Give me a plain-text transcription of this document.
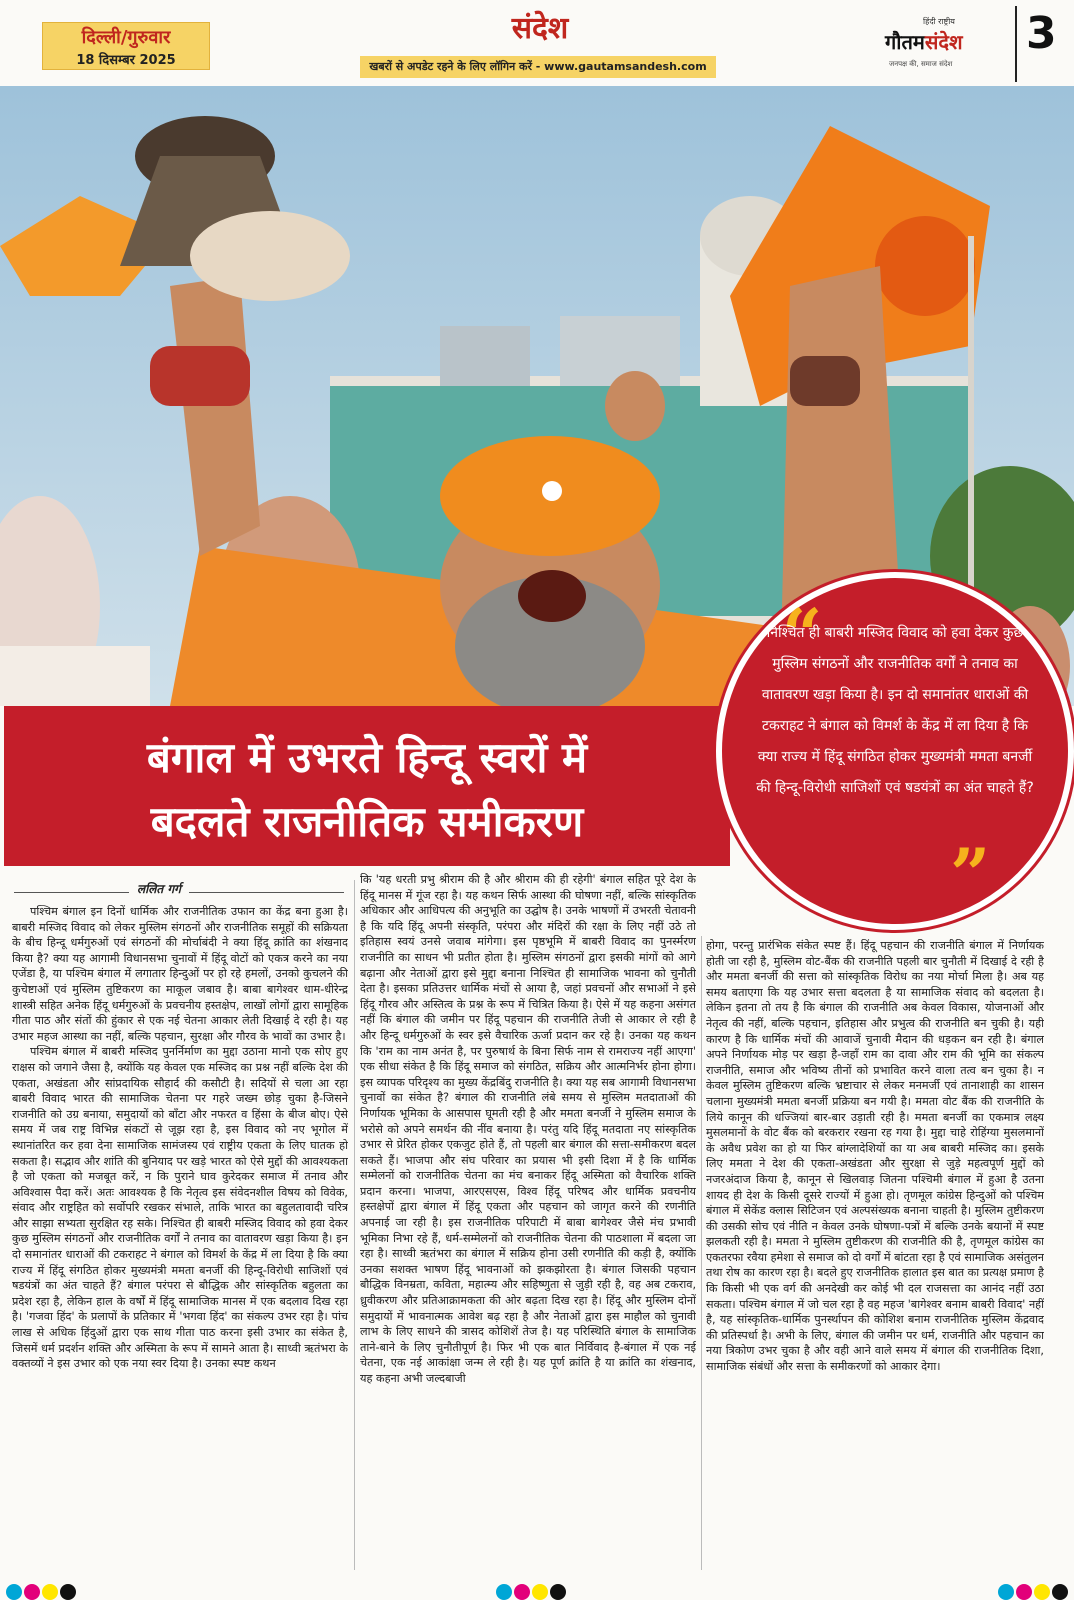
दिल्ली/गुरुवार
18 दिसम्बर 2025
संदेश
खबरों से अपडेट रहने के लिए लॉगिन करें - www.gautamsandesh.com
हिंदी राष्ट्रीय
गौतमसंदेश
जनपक्ष की, समाज संदेश
3
बंगाल में उभरते हिन्दू स्वरों में
बदलते राजनीतिक समीकरण
“
निश्चित ही बाबरी मस्जिद विवाद को हवा देकर कुछ मुस्लिम संगठनों और राजनीतिक वर्गों ने तनाव का वातावरण खड़ा किया है। इन दो समानांतर धाराओं की टकराहट ने बंगाल को विमर्श के केंद्र में ला दिया है कि क्या राज्य में हिंदू संगठित होकर मुख्यमंत्री ममता बनर्जी की हिन्दू-विरोधी साजिशों एवं षडयंत्रों का अंत चाहते हैं?
”
ललित गर्ग

पश्चिम बंगाल इन दिनों धार्मिक और राजनीतिक उफान का केंद्र बना हुआ है। बाबरी मस्जिद विवाद को लेकर मुस्लिम संगठनों और राजनीतिक समूहों की सक्रियता के बीच हिन्दू धर्मगुरुओं एवं संगठनों की मोर्चाबंदी ने क्या हिंदू क्रांति का शंखनाद किया है? क्या यह आगामी विधानसभा चुनावों में हिंदू वोटों को एकत्र करने का नया एजेंडा है, या पश्चिम बंगाल में लगातार हिन्दुओं पर हो रहे हमलों, उनको कुचलने की कुचेष्टाओं एवं मुस्लिम तुष्टिकरण का माकूल जबाव है। बाबा बागेश्वर धाम-धीरेन्द्र शास्त्री सहित अनेक हिंदू धर्मगुरुओं के प्रवचनीय हस्तक्षेप, लाखों लोगों द्वारा सामूहिक गीता पाठ और संतों की हुंकार से एक नई चेतना आकार लेती दिखाई दे रही है। यह उभार महज आस्था का नहीं, बल्कि पहचान, सुरक्षा और गौरव के भावों का उभार है।

पश्चिम बंगाल में बाबरी मस्जिद पुनर्निर्माण का मुद्दा उठाना मानो एक सोए हुए राक्षस को जगाने जैसा है, क्योंकि यह केवल एक मस्जिद का प्रश्न नहीं बल्कि देश की एकता, अखंडता और सांप्रदायिक सौहार्द की कसौटी है। सदियों से चला आ रहा बाबरी विवाद भारत की सामाजिक चेतना पर गहरे जख्म छोड़ चुका है-जिसने राजनीति को उग्र बनाया, समुदायों को बाँटा और नफरत व हिंसा के बीज बोए। ऐसे समय में जब राष्ट्र विभिन्न संकटों से जूझ रहा है, इस विवाद को नए भूगोल में स्थानांतरित कर हवा देना सामाजिक सामंजस्य एवं राष्ट्रीय एकता के लिए घातक हो सकता है। सद्भाव और शांति की बुनियाद पर खड़े भारत को ऐसे मुद्दों की आवश्यकता है जो एकता को मजबूत करें, न कि पुराने घाव कुरेदकर समाज में तनाव और अविश्वास पैदा करें। अतः आवश्यक है कि नेतृत्व इस संवेदनशील विषय को विवेक, संवाद और राष्ट्रहित को सर्वोपरि रखकर संभाले, ताकि भारत का बहुलतावादी चरित्र और साझा सभ्यता सुरक्षित रह सके। निश्चित ही बाबरी मस्जिद विवाद को हवा देकर कुछ मुस्लिम संगठनों और राजनीतिक वर्गों ने तनाव का वातावरण खड़ा किया है। इन दो समानांतर धाराओं की टकराहट ने बंगाल को विमर्श के केंद्र में ला दिया है कि क्या राज्य में हिंदू संगठित होकर मुख्यमंत्री ममता बनर्जी की हिन्दू-विरोधी साजिशों एवं षडयंत्रों का अंत चाहते हैं? बंगाल परंपरा से बौद्धिक और सांस्कृतिक बहुलता का प्रदेश रहा है, लेकिन हाल के वर्षों में हिंदू सामाजिक मानस में एक बदलाव दिख रहा है। 'गजवा हिंद' के प्रलापों के प्रतिकार में 'भगवा हिंद' का संकल्प उभर रहा है। पांच लाख से अधिक हिंदुओं द्वारा एक साथ गीता पाठ करना इसी उभार का संकेत है, जिसमें धर्म प्रदर्शन शक्ति और अस्मिता के रूप में सामने आता है। साध्वी ऋतंभरा के वक्तव्यों ने इस उभार को एक नया स्वर दिया है। उनका स्पष्ट कथन

कि 'यह धरती प्रभु श्रीराम की है और श्रीराम की ही रहेगी' बंगाल सहित पूरे देश के हिंदू मानस में गूंज रहा है। यह कथन सिर्फ आस्था की घोषणा नहीं, बल्कि सांस्कृतिक अधिकार और आधिपत्य की अनुभूति का उद्घोष है। उनके भाषणों में उभरती चेतावनी है कि यदि हिंदू अपनी संस्कृति, परंपरा और मंदिरों की रक्षा के लिए नहीं उठे तो इतिहास स्वयं उनसे जवाब मांगेगा। इस पृष्ठभूमि में बाबरी विवाद का पुनर्स्मरण राजनीति का साधन भी प्रतीत होता है। मुस्लिम संगठनों द्वारा इसकी मांगों को आगे बढ़ाना और नेताओं द्वारा इसे मुद्दा बनाना निश्चित ही सामाजिक भावना को चुनौती देता है। इसका प्रतिउत्तर धार्मिक मंचों से आया है, जहां प्रवचनों और सभाओं ने इसे हिंदू गौरव और अस्तित्व के प्रश्न के रूप में चित्रित किया है। ऐसे में यह कहना असंगत नहीं कि बंगाल की जमीन पर हिंदू पहचान की राजनीति तेजी से आकार ले रही है और हिन्दू धर्मगुरुओं के स्वर इसे वैचारिक ऊर्जा प्रदान कर रहे है। उनका यह कथन कि 'राम का नाम अनंत है, पर पुरुषार्थ के बिना सिर्फ नाम से रामराज्य नहीं आएगा' एक सीधा संकेत है कि हिंदू समाज को संगठित, सक्रिय और आत्मनिर्भर होना होगा। इस व्यापक परिदृश्य का मुख्य केंद्रबिंदु राजनीति है। क्या यह सब आगामी विधानसभा चुनावों का संकेत है? बंगाल की राजनीति लंबे समय से मुस्लिम मतदाताओं की निर्णायक भूमिका के आसपास घूमती रही है और ममता बनर्जी ने मुस्लिम समाज के भरोसे को अपने समर्थन की नींव बनाया है। परंतु यदि हिंदू मतदाता नए सांस्कृतिक उभार से प्रेरित होकर एकजुट होते हैं, तो पहली बार बंगाल की सत्ता-समीकरण बदल सकते हैं। भाजपा और संघ परिवार का प्रयास भी इसी दिशा में है कि धार्मिक सम्मेलनों को राजनीतिक चेतना का मंच बनाकर हिंदू अस्मिता को वैचारिक शक्ति प्रदान करना। भाजपा, आरएसएस, विश्व हिंदू परिषद और धार्मिक प्रवचनीय हस्तक्षेपों द्वारा बंगाल में हिंदू एकता और पहचान को जागृत करने की रणनीति अपनाई जा रही है। इस राजनीतिक परिपाटी में बाबा बागेश्वर जैसे मंच प्रभावी भूमिका निभा रहे हैं, धर्म-सम्मेलनों को राजनीतिक चेतना की पाठशाला में बदला जा रहा है। साध्वी ऋतंभरा का बंगाल में सक्रिय होना उसी रणनीति की कड़ी है, क्योंकि उनका सशक्त भाषण हिंदू भावनाओं को झकझोरता है। बंगाल जिसकी पहचान बौद्धिक विनम्रता, कविता, महात्म्य और सहिष्णुता से जुड़ी रही है, वह अब टकराव, ध्रुवीकरण और प्रतिआक्रामकता की ओर बढ़ता दिख रहा है। हिंदू और मुस्लिम दोनों समुदायों में भावनात्मक आवेश बढ़ रहा है और नेताओं द्वारा इस माहौल को चुनावी लाभ के लिए साधने की त्रासद कोशिशें तेज है। यह परिस्थिति बंगाल के सामाजिक ताने-बाने के लिए चुनौतीपूर्ण है। फिर भी एक बात निर्विवाद है-बंगाल में एक नई चेतना, एक नई आकांक्षा जन्म ले रही है। यह पूर्ण क्रांति है या क्रांति का शंखनाद, यह कहना अभी जल्दबाजी

होगा, परन्तु प्रारंभिक संकेत स्पष्ट हैं। हिंदू पहचान की राजनीति बंगाल में निर्णायक होती जा रही है, मुस्लिम वोट-बैंक की राजनीति पहली बार चुनौती में दिखाई दे रही है और ममता बनर्जी की सत्ता को सांस्कृतिक विरोध का नया मोर्चा मिला है। अब यह समय बताएगा कि यह उभार सत्ता बदलता है या सामाजिक संवाद को बदलता है। लेकिन इतना तो तय है कि बंगाल की राजनीति अब केवल विकास, योजनाओं और नेतृत्व की नहीं, बल्कि पहचान, इतिहास और प्रभुत्व की राजनीति बन चुकी है। यही कारण है कि धार्मिक मंचों की आवाजें चुनावी मैदान की धड़कन बन रही है। बंगाल अपने निर्णायक मोड़ पर खड़ा है-जहाँ राम का दावा और राम की भूमि का संकल्प राजनीति, समाज और भविष्य तीनों को प्रभावित करने वाला तत्व बन चुका है। न केवल मुस्लिम तुष्टिकरण बल्कि भ्रष्टाचार से लेकर मनमर्जी एवं तानाशाही का शासन चलाना मुख्यमंत्री ममता बनर्जी प्रक्रिया बन गयी है। ममता वोट बैंक की राजनीति के लिये कानून की धज्जियां बार-बार उड़ाती रही है। ममता बनर्जी का एकमात्र लक्ष्य मुसलमानों के वोट बैंक को बरकरार रखना रह गया है। मुद्दा चाहे रोहिंग्या मुसलमानों के अवैध प्रवेश का हो या फिर बांग्लादेशियों का या अब बाबरी मस्जिद का। इसके लिए ममता ने देश की एकता-अखंडता और सुरक्षा से जुड़े महत्वपूर्ण मुद्दों को नजरअंदाज किया है, कानून से खिलवाड़ जितना पश्चिमी बंगाल में हुआ है उतना शायद ही देश के किसी दूसरे राज्यों में हुआ हो। तृणमूल कांग्रेस हिन्दुओं को पश्चिम बंगाल में सेकेंड क्लास सिटिजन एवं अल्पसंख्यक बनाना चाहती है। मुस्लिम तुष्टीकरण की उसकी सोच एवं नीति न केवल उनके घोषणा-पत्रों में बल्कि उनके बयानों में स्पष्ट झलकती रही है। ममता ने मुस्लिम तुष्टीकरण की राजनीति की है, तृणमूल कांग्रेस का एकतरफा रवैया हमेशा से समाज को दो वर्गों में बांटता रहा है एवं सामाजिक असंतुलन तथा रोष का कारण रहा है। बदले हुए राजनीतिक हालात इस बात का प्रत्यक्ष प्रमाण है कि किसी भी एक वर्ग की अनदेखी कर कोई भी दल राजसत्ता का आनंद नहीं उठा सकता। पश्चिम बंगाल में जो चल रहा है वह महज 'बागेश्वर बनाम बाबरी विवाद' नहीं है, यह सांस्कृतिक-धार्मिक पुनर्स्थापन की कोशिश बनाम राजनीतिक मुस्लिम केंद्रवाद की प्रतिस्पर्धा है। अभी के लिए, बंगाल की जमीन पर धर्म, राजनीति और पहचान का नया त्रिकोण उभर चुका है और वही आने वाले समय में बंगाल की राजनीतिक दिशा, सामाजिक संबंधों और सत्ता के समीकरणों को आकार देगा।
